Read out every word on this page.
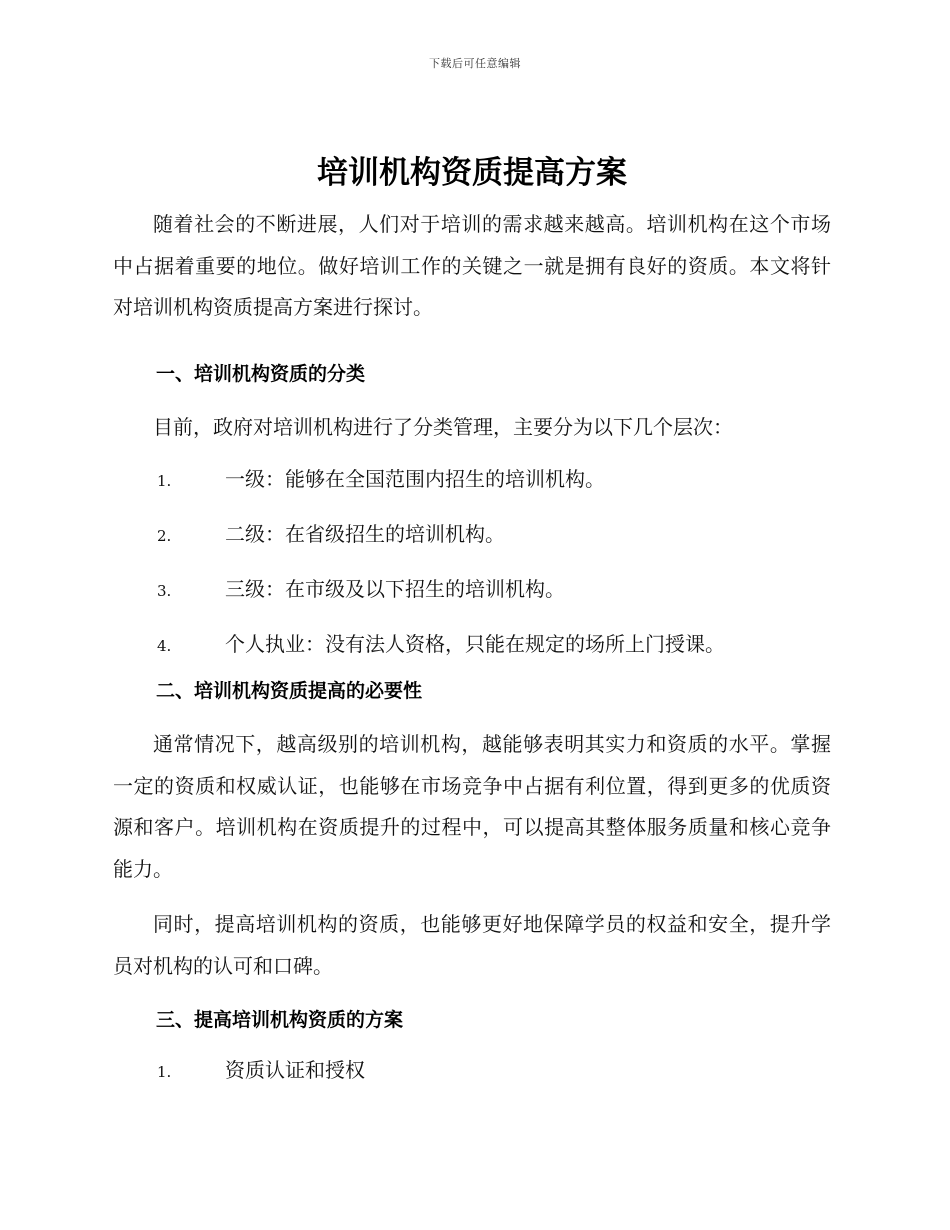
下载后可任意编辑
培训机构资质提高方案

随着社会的不断进展，人们对于培训的需求越来越高。培训机构在这个市场中占据着重要的地位。做好培训工作的关键之一就是拥有良好的资质。本文将针对培训机构资质提高方案进行探讨。

一、培训机构资质的分类

目前，政府对培训机构进行了分类管理，主要分为以下几个层次：

1.	一级：能够在全国范围内招生的培训机构。
2.	二级：在省级招生的培训机构。
3.	三级：在市级及以下招生的培训机构。
4.	个人执业：没有法人资格，只能在规定的场所上门授课。
二、培训机构资质提高的必要性

通常情况下，越高级别的培训机构，越能够表明其实力和资质的水平。掌握一定的资质和权威认证，也能够在市场竞争中占据有利位置，得到更多的优质资源和客户。培训机构在资质提升的过程中，可以提高其整体服务质量和核心竞争能力。

同时，提高培训机构的资质，也能够更好地保障学员的权益和安全，提升学员对机构的认可和口碑。

三、提高培训机构资质的方案
1.	资质认证和授权
